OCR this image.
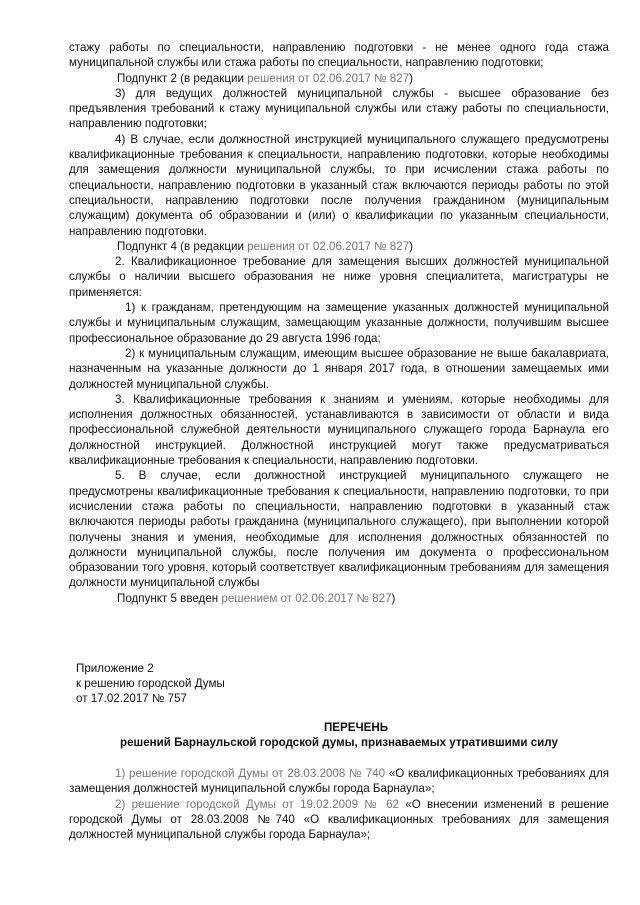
стажу работы по специальности, направлению подготовки - не менее одного года стажа муниципальной службы или стажа работы по специальности, направлению подготовки;

Подпункт 2 (в редакции решения от 02.06.2017 № 827)

3) для ведущих должностей муниципальной службы - высшее образование без предъявления требований к стажу муниципальной службы или стажу работы по специальности, направлению подготовки;

4) В случае, если должностной инструкцией муниципального служащего предусмотрены квалификационные требования к специальности, направлению подготовки, которые необходимы для замещения должности муниципальной службы, то при исчислении стажа работы по специальности, направлению подготовки в указанный стаж включаются периоды работы по этой специальности, направлению подготовки после получения гражданином (муниципальным служащим) документа об образовании и (или) о квалификации по указанным специальности, направлению подготовки.

Подпункт 4 (в редакции решения от 02.06.2017 № 827)

2. Квалификационное требование для замещения высших должностей муниципальной службы о наличии высшего образования не ниже уровня специалитета, магистратуры не применяется:

1) к гражданам, претендующим на замещение указанных должностей муниципальной службы и муниципальным служащим, замещающим указанные должности, получившим высшее профессиональное образование до 29 августа 1996 года;

2) к муниципальным служащим, имеющим высшее образование не выше бакалавриата, назначенным на указанные должности до 1 января 2017 года, в отношении замещаемых ими должностей муниципальной службы.

3. Квалификационные требования к знаниям и умениям, которые необходимы для исполнения должностных обязанностей, устанавливаются в зависимости от области и вида профессиональной служебной деятельности муниципального служащего города Барнаула его должностной инструкцией. Должностной инструкцией могут также предусматриваться квалификационные требования к специальности, направлению подготовки.

5. В случае, если должностной инструкцией муниципального служащего не предусмотрены квалификационные требования к специальности, направлению подготовки, то при исчислении стажа работы по специальности, направлению подготовки в указанный стаж включаются периоды работы гражданина (муниципального служащего), при выполнении которой получены знания и умения, необходимые для исполнения должностных обязанностей по должности муниципальной службы, после получения им документа о профессиональном образовании того уровня, который соответствует квалификационным требованиям для замещения должности муниципальной службы

Подпункт 5 введен решением от 02.06.2017 № 827)

Приложение 2
к решению городской Думы
от 17.02.2017 № 757
ПЕРЕЧЕНЬ
решений Барнаульской городской думы, признаваемых утратившими силу

1) решение городской Думы от 28.03.2008 № 740 «О квалификационных требованиях для замещения должностей муниципальной службы города Барнаула»;

2) решение городской Думы от 19.02.2009 № 62 «О внесении изменений в решение городской Думы от 28.03.2008 №740 «О квалификационных требованиях для замещения должностей муниципальной службы города Барнаула»;
